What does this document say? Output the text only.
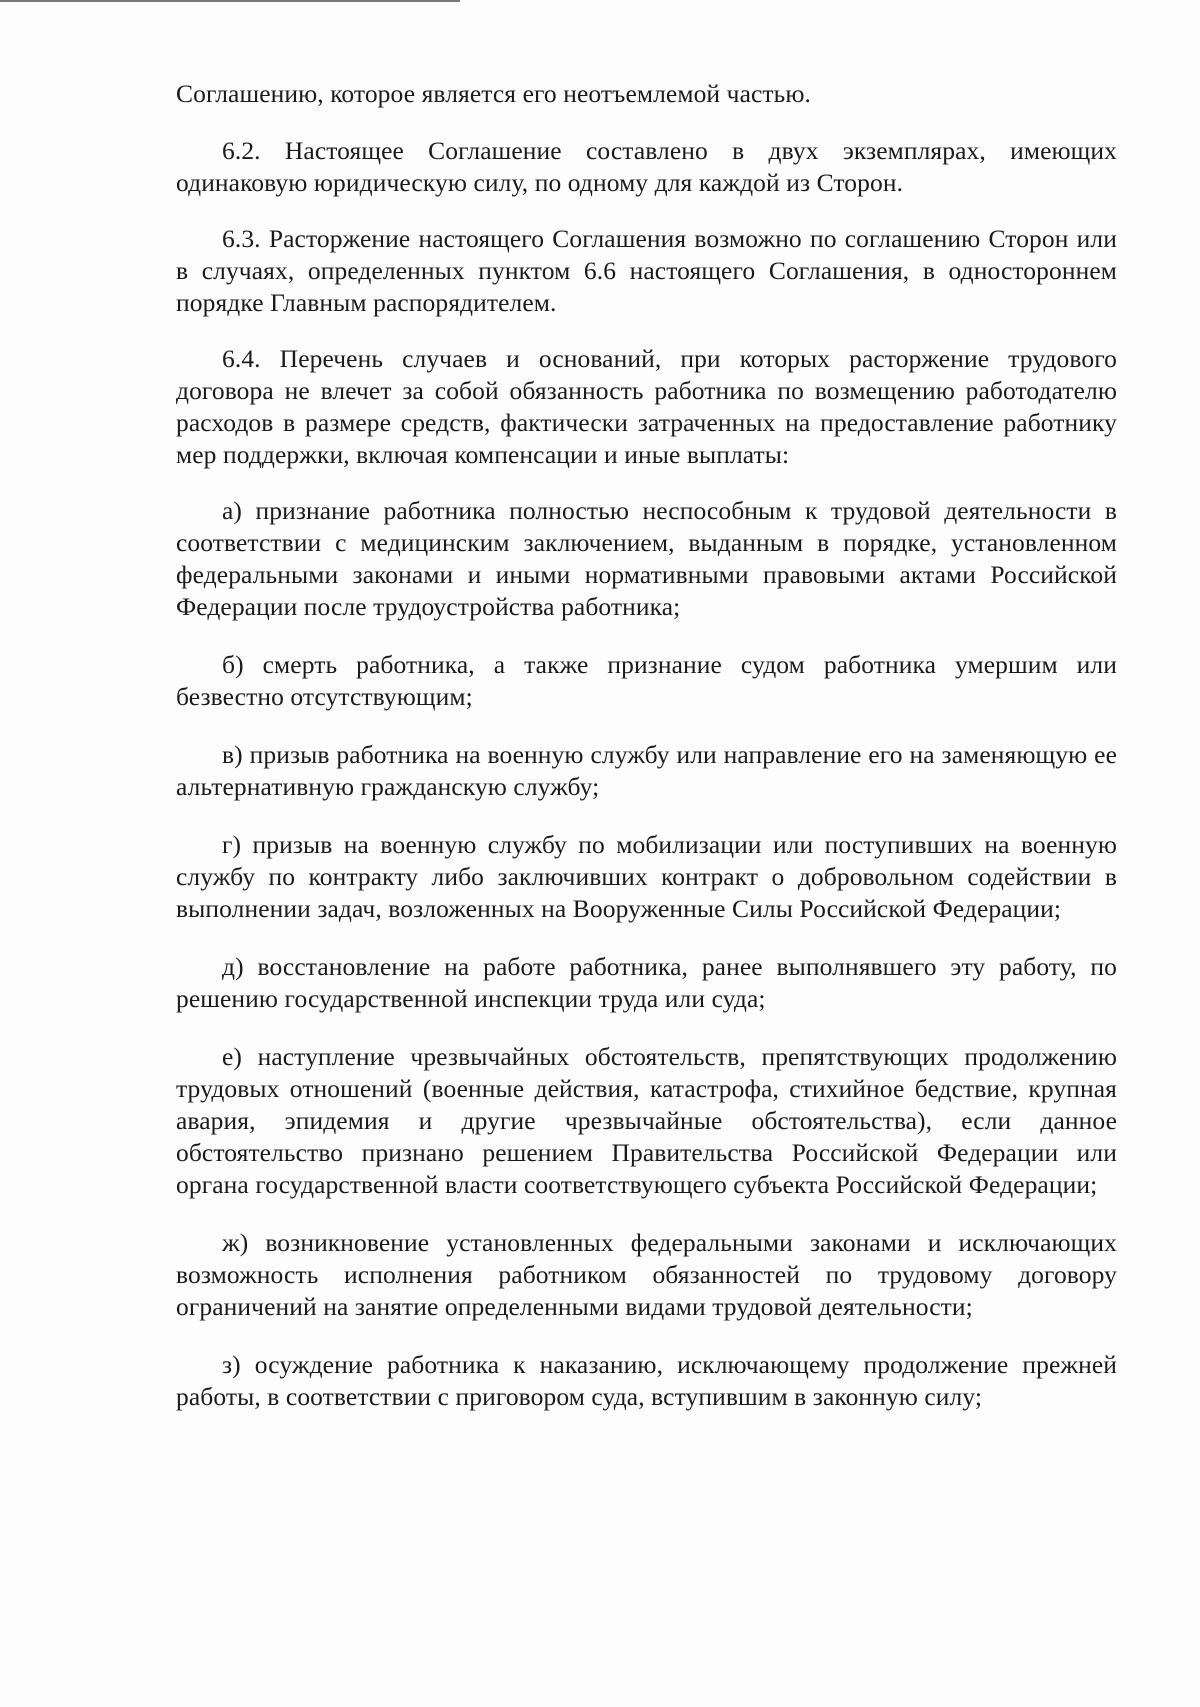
Соглашению, которое является его неотъемлемой частью.

6.2. Настоящее Соглашение составлено в двух экземплярах, имеющих одинаковую юридическую силу, по одному для каждой из Сторон.

6.3. Расторжение настоящего Соглашения возможно по соглашению Сторон или в случаях, определенных пунктом 6.6 настоящего Соглашения, в одностороннем порядке Главным распорядителем.

6.4. Перечень случаев и оснований, при которых расторжение трудового договора не влечет за собой обязанность работника по возмещению работодателю расходов в размере средств, фактически затраченных на предоставление работнику мер поддержки, включая компенсации и иные выплаты:

а) признание работника полностью неспособным к трудовой деятельности в соответствии с медицинским заключением, выданным в порядке, установленном федеральными законами и иными нормативными правовыми актами Российской Федерации после трудоустройства работника;

б) смерть работника, а также признание судом работника умершим или безвестно отсутствующим;

в) призыв работника на военную службу или направление его на заменяющую ее альтернативную гражданскую службу;

г) призыв на военную службу по мобилизации или поступивших на военную службу по контракту либо заключивших контракт о добровольном содействии в выполнении задач, возложенных на Вооруженные Силы Российской Федерации;

д) восстановление на работе работника, ранее выполнявшего эту работу, по решению государственной инспекции труда или суда;

е) наступление чрезвычайных обстоятельств, препятствующих продолжению трудовых отношений (военные действия, катастрофа, стихийное бедствие, крупная авария, эпидемия и другие чрезвычайные обстоятельства), если данное обстоятельство признано решением Правительства Российской Федерации или органа государственной власти соответствующего субъекта Российской Федерации;

ж) возникновение установленных федеральными законами и исключающих возможность исполнения работником обязанностей по трудовому договору ограничений на занятие определенными видами трудовой деятельности;

з) осуждение работника к наказанию, исключающему продолжение прежней работы, в соответствии с приговором суда, вступившим в законную силу;
